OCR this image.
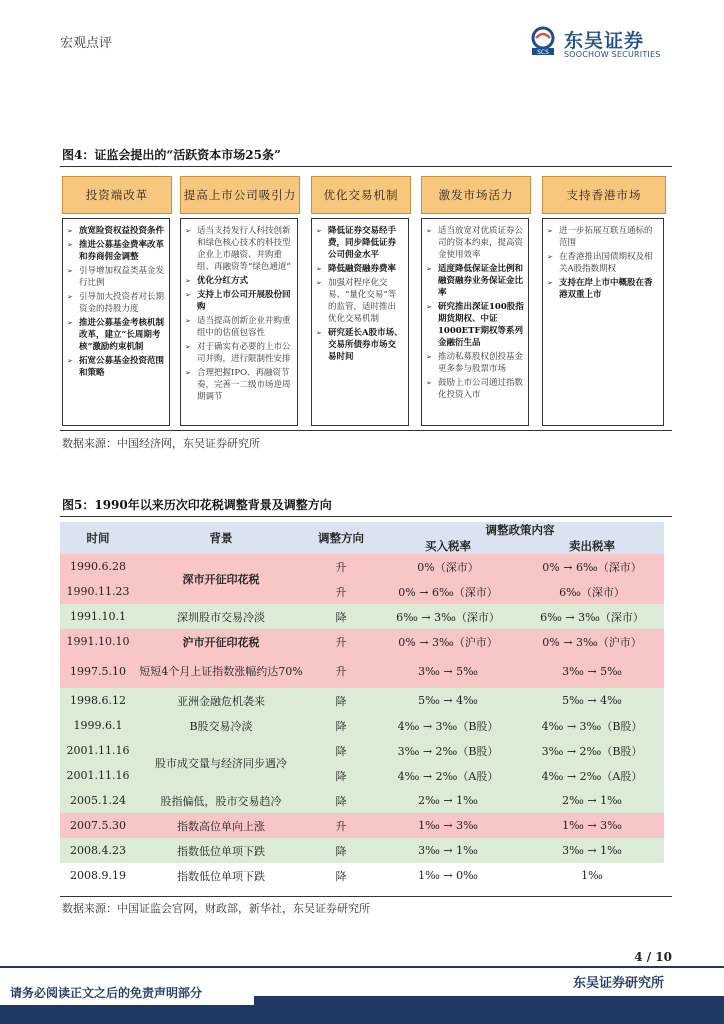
宏观点评
SCS
东吴证券
SOOCHOW SECURITIES
图4：证监会提出的“活跃资本市场25条”
投资端改革
➢ 放宽险资权益投资条件
➢ 推进公募基金费率改革和券商佣金调整
➢ 引导增加权益类基金发行比例
➢ 引导加大投资者对长期资金的持股力度
➢ 推进公募基金考核机制改革，建立“长周期考核”激励约束机制
➢ 拓宽公募基金投资范围和策略
提高上市公司吸引力
➢ 适当支持发行人科技创新和绿色核心技术的科技型企业上市融资、并购重组、再融资等“绿色通道”
➢ 优化分红方式
➢ 支持上市公司开展股份回购
➢ 适当提高创新企业并购重组中的估值包容性
➢ 对于确实有必要的上市公司并购，进行限制性安排
➢ 合理把握IPO、再融资节奏，完善一二级市场逆周期调节
优化交易机制
➢ 降低证券交易经手费，同步降低证券公司佣金水平
➢ 降低融资融券费率
➢ 加强对程序化交易、“量化交易”等的监管，适时推出优化交易机制
➢ 研究延长A股市场、交易所债券市场交易时间
激发市场活力
➢ 适当放宽对优质证券公司的资本约束，提高资金使用效率
➢ 适度降低保证金比例和融资融券业务保证金比率
➢ 研究推出深证100股指期货期权、中证1000ETF期权等系列金融衍生品
➢ 推动私募股权创投基金更多参与股票市场
➢ 鼓励上市公司通过指数化投资入市
支持香港市场
➢ 进一步拓展互联互通标的范围
➢ 在香港推出国债期权及相关A股指数期权
➢ 支持在岸上市中概股在香港双重上市
数据来源：中国经济网，东吴证券研究所
图5：1990年以来历次印花税调整背景及调整方向
时间	背景	调整方向	调整政策内容	
			买入税率	卖出税率
1990.6.28	深市开征印花税	升	0%（深市）	0% → 6‰（深市）
1990.11.23		升	0% → 6‰（深市）	6‰（深市）
1991.10.1	深圳股市交易冷淡	降	6‰ → 3‰（深市）	6‰ → 3‰（深市）
1991.10.10	沪市开征印花税	升	0% → 3‰（沪市）	0% → 3‰（沪市）
1997.5.10	短短4个月上证指数涨幅约达70%	升	3‰ → 5‰	3‰ → 5‰
1998.6.12	亚洲金融危机袭来	降	5‰ → 4‰	5‰ → 4‰
1999.6.1	B股交易冷淡	降	4‰ → 3‰（B股）	4‰ → 3‰（B股）
2001.11.16	股市成交量与经济同步遇冷	降	3‰ → 2‰（B股）	3‰ → 2‰（B股）
2001.11.16		降	4‰ → 2‰（A股）	4‰ → 2‰（A股）
2005.1.24	股指偏低，股市交易趋冷	降	2‰ → 1‰	2‰ → 1‰
2007.5.30	指数高位单向上涨	升	1‰ → 3‰	1‰ → 3‰
2008.4.23	指数低位单项下跌	降	3‰ → 1‰	3‰ → 1‰
2008.9.19	指数低位单项下跌	降	1‰ → 0‰	1‰
数据来源：中国证监会官网，财政部，新华社，东吴证券研究所
4 / 10
东吴证券研究所
请务必阅读正文之后的免责声明部分
